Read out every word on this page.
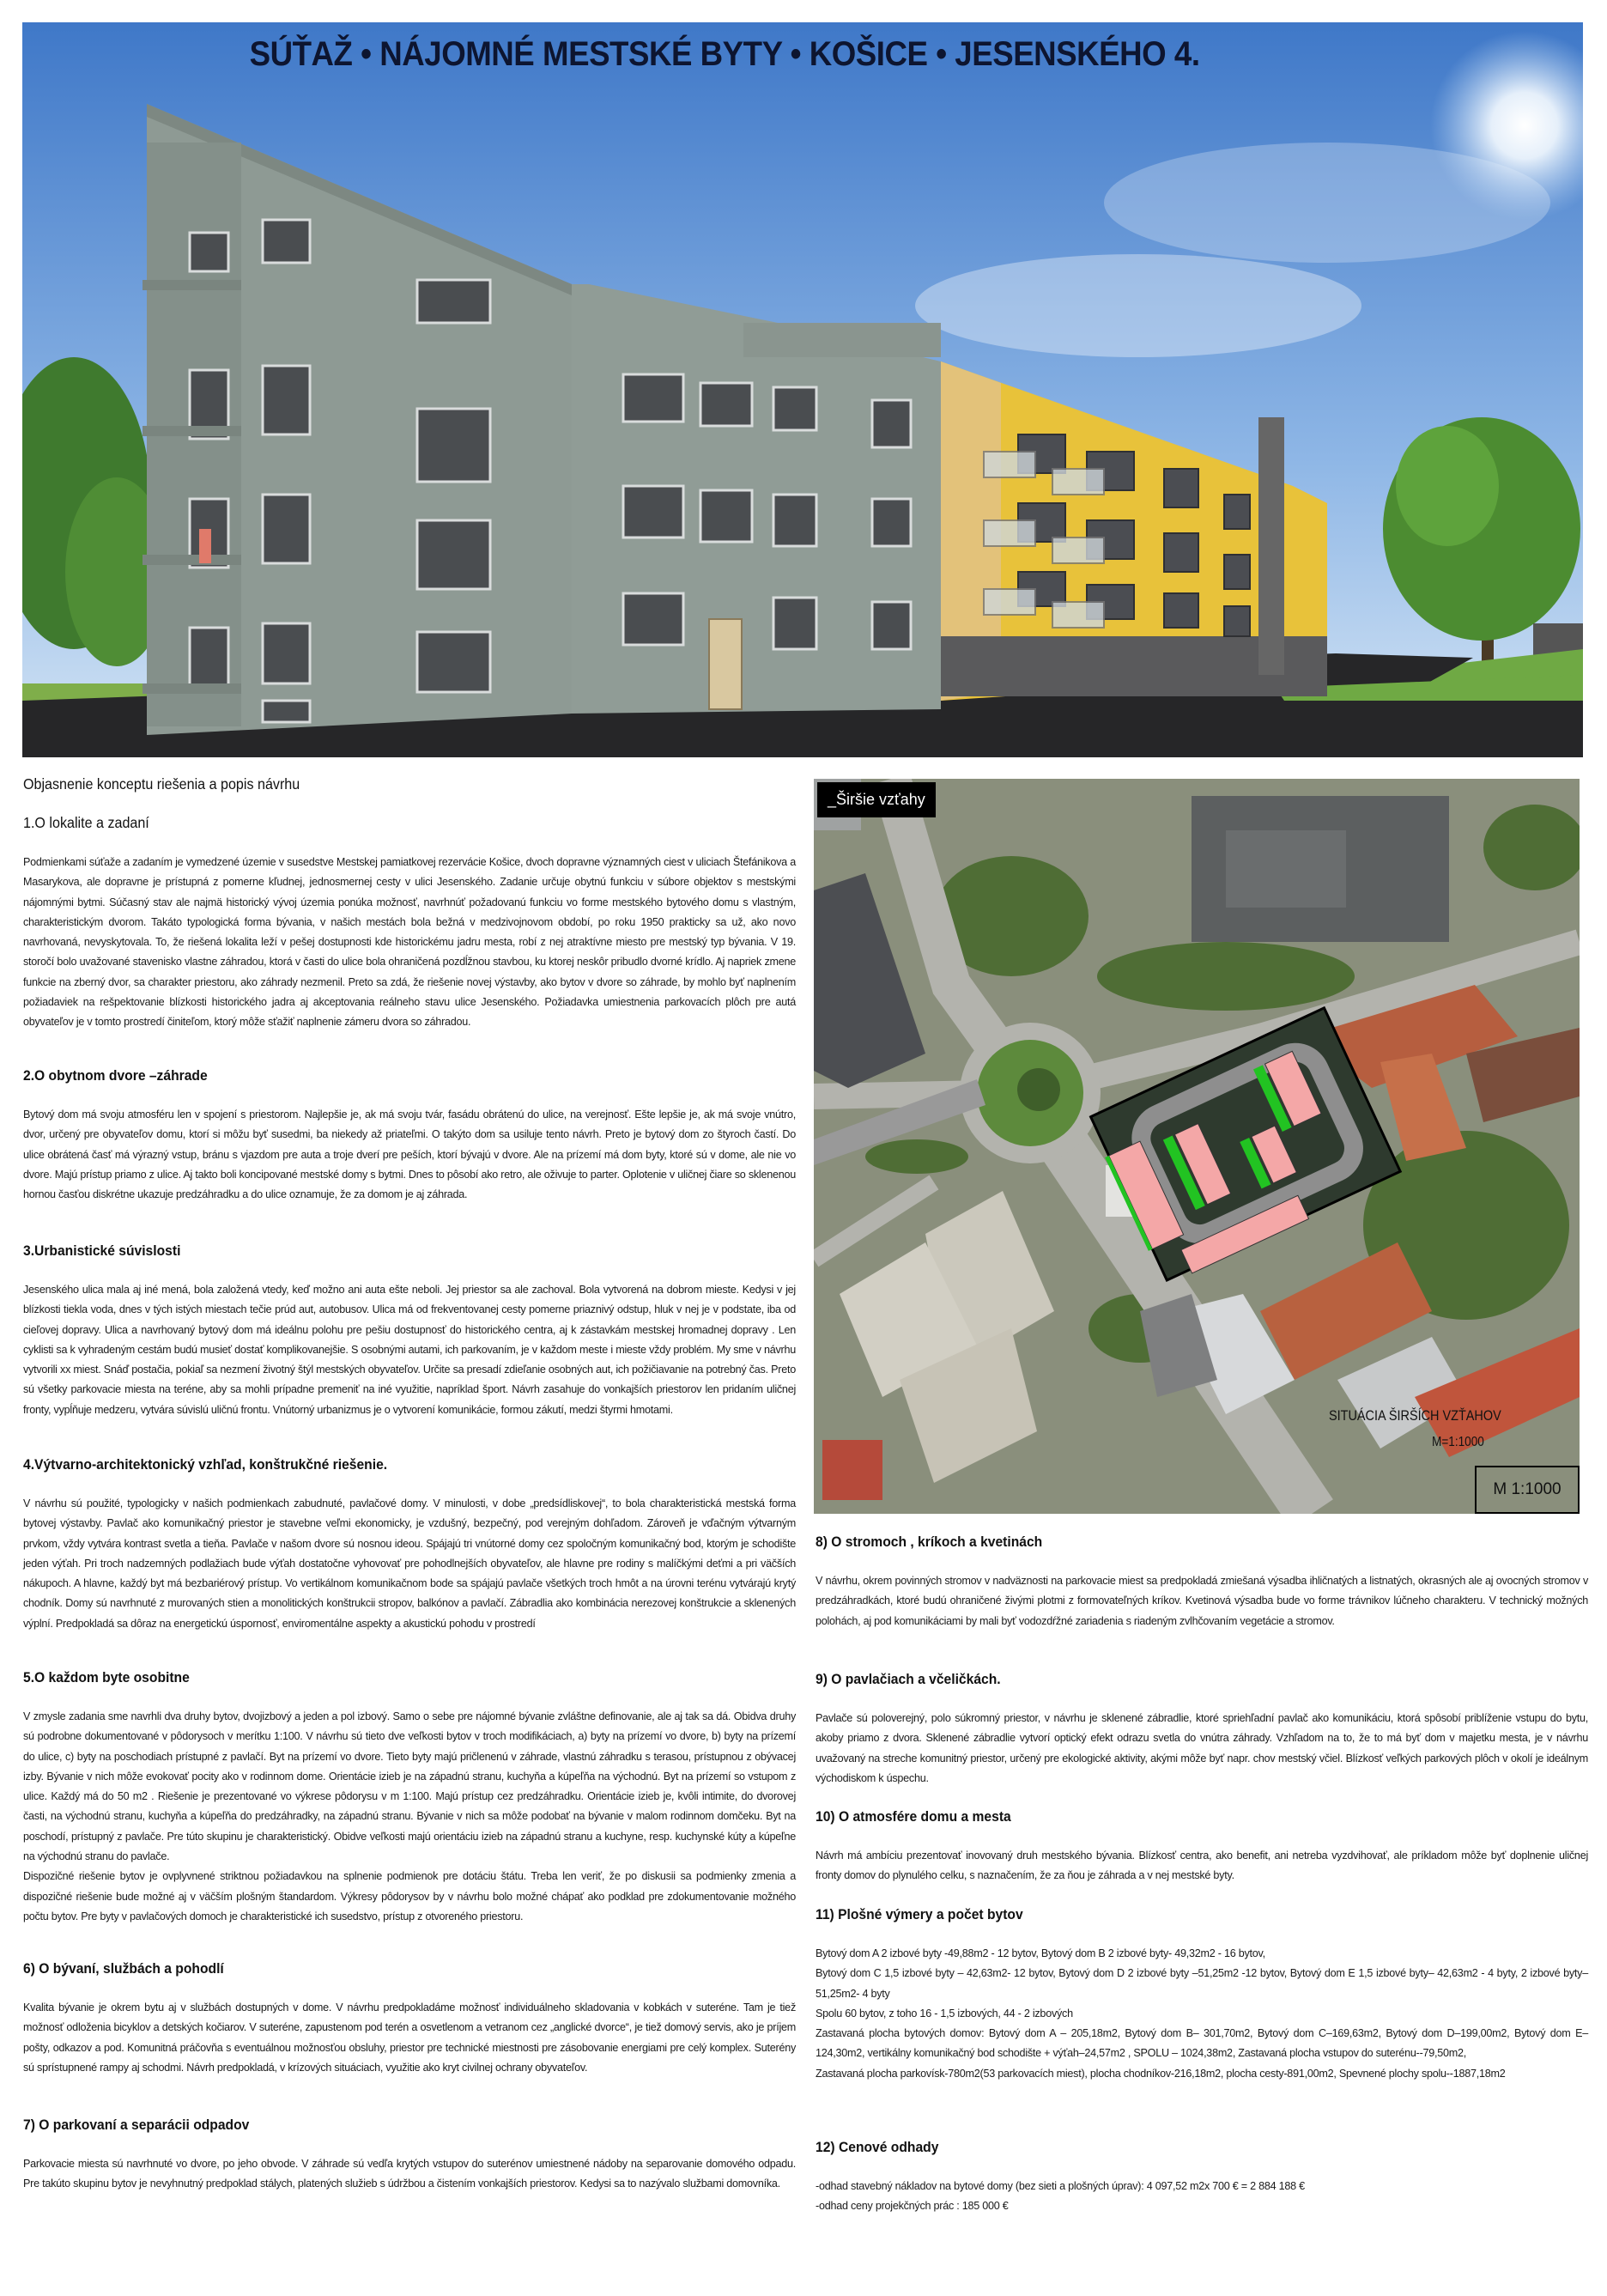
SÚŤAŽ • NÁJOMNÉ MESTSKÉ BYTY • KOŠICE • JESENSKÉHO 4.
_Širšie vzťahy
SITUÁCIA ŠIRŠÍCH VZŤAHOV
M=1:1000
M 1:1000
Objasnenie konceptu riešenia a popis návrhu
1.O lokalite a zadaní

Podmienkami súťaže a zadaním je vymedzené územie v susedstve Mestskej pamiatkovej rezervácie Košice, dvoch dopravne významných ciest v uliciach Štefánikova a Masarykova, ale dopravne je prístupná z pomerne kľudnej, jednosmernej cesty v ulici Jesenského. Zadanie určuje obytnú funkciu v súbore objektov s mestskými nájomnými bytmi. Súčasný stav ale najmä historický vývoj územia ponúka možnosť, navrhnúť požadovanú funkciu vo forme mestského bytového domu s vlastným, charakteristickým dvorom. Takáto typologická forma bývania, v našich mestách bola bežná v medzivojnovom období, po roku 1950 prakticky sa už, ako novo navrhovaná, nevyskytovala. To, že riešená lokalita leží v pešej dostupnosti kde historickému jadru mesta, robí z nej atraktívne miesto pre mestský typ bývania. V 19. storočí bolo uvažované stavenisko vlastne záhradou, ktorá v časti do ulice bola ohraničená pozdĺžnou stavbou, ku ktorej neskôr pribudlo dvorné krídlo. Aj napriek zmene funkcie na zberný dvor, sa charakter priestoru, ako záhrady nezmenil. Preto sa zdá, že riešenie novej výstavby, ako bytov v dvore so záhrade, by mohlo byť naplnením požiadaviek na rešpektovanie blízkosti historického jadra aj akceptovania reálneho stavu ulice Jesenského. Požiadavka umiestnenia parkovacích plôch pre autá obyvateľov je v tomto prostredí činiteľom, ktorý môže sťažiť naplnenie zámeru dvora so záhradou.

2.O obytnom dvore –záhrade

Bytový dom má svoju atmosféru len v spojení s priestorom. Najlepšie je, ak má svoju tvár, fasádu obrátenú do ulice, na verejnosť. Ešte lepšie je, ak má svoje vnútro, dvor, určený pre obyvateľov domu, ktorí si môžu byť susedmi, ba niekedy až priateľmi. O takýto dom sa usiluje tento návrh. Preto je bytový dom zo štyroch častí. Do ulice obrátená časť má výrazný vstup, bránu s vjazdom pre auta a troje dverí pre peších, ktorí bývajú v dvore. Ale na prízemí má dom byty, ktoré sú v dome, ale nie vo dvore. Majú prístup priamo z ulice. Aj takto boli koncipované mestské domy s bytmi. Dnes to pôsobí ako retro, ale oživuje to parter. Oplotenie v uličnej čiare so sklenenou hornou časťou diskrétne ukazuje predzáhradku a do ulice oznamuje, že za domom je aj záhrada.

3.Urbanistické súvislosti

Jesenského ulica mala aj iné mená, bola založená vtedy, keď možno ani auta ešte neboli. Jej priestor sa ale zachoval. Bola vytvorená na dobrom mieste. Kedysi v jej blízkosti tiekla voda, dnes v tých istých miestach tečie prúd aut, autobusov. Ulica má od frekventovanej cesty pomerne priaznivý odstup, hluk v nej je v podstate, iba od cieľovej dopravy. Ulica a navrhovaný bytový dom má ideálnu polohu pre pešiu dostupnosť do historického centra, aj k zástavkám mestskej hromadnej dopravy . Len cyklisti sa k vyhradeným cestám budú musieť dostať komplikovanejšie. S osobnými autami, ich parkovaním, je v každom meste i mieste vždy problém. My sme v návrhu vytvorili xx miest. Snáď postačia, pokiaľ sa nezmení životný štýl mestských obyvateľov. Určite sa presadí zdieľanie osobných aut, ich požičiavanie na potrebný čas. Preto sú všetky parkovacie miesta na teréne, aby sa mohli prípadne premeniť na iné využitie, napríklad šport. Návrh zasahuje do vonkajších priestorov len pridaním uličnej fronty, vypĺňuje medzeru, vytvára súvislú uličnú frontu. Vnútorný urbanizmus je o vytvorení komunikácie, formou zákutí, medzi štyrmi hmotami.

4.Výtvarno-architektonický vzhľad, konštrukčné riešenie.

V návrhu sú použité, typologicky v našich podmienkach zabudnuté, pavlačové domy. V minulosti, v dobe „predsídliskovej“, to bola charakteristická mestská forma bytovej výstavby. Pavlač ako komunikačný priestor je stavebne veľmi ekonomicky, je vzdušný, bezpečný, pod verejným dohľadom. Zároveň je vďačným výtvarným prvkom, vždy vytvára kontrast svetla a tieňa. Pavlače v našom dvore sú nosnou ideou. Spájajú tri vnútorné domy cez spoločným komunikačný bod, ktorým je schodište jeden výťah. Pri troch nadzemných podlažiach bude výťah dostatočne vyhovovať pre pohodlnejších obyvateľov, ale hlavne pre rodiny s malíčkými deťmi a pri väčších nákupoch. A hlavne, každý byt má bezbariérový prístup. Vo vertikálnom komunikačnom bode sa spájajú pavlače všetkých troch hmôt a na úrovni terénu vytvárajú krytý chodník. Domy sú navrhnuté z murovaných stien a monolitických konštrukcii stropov, balkónov a pavlačí. Zábradlia ako kombinácia nerezovej konštrukcie a sklenených výplní. Predpokladá sa dôraz na energetickú úspornosť, enviromentálne aspekty a akustickú pohodu v prostredí

5.O každom byte osobitne

V zmysle zadania sme navrhli dva druhy bytov, dvojizbový a jeden a pol izbový. Samo o sebe pre nájomné bývanie zvláštne definovanie, ale aj tak sa dá. Obidva druhy sú podrobne dokumentované v pôdorysoch v merítku 1:100. V návrhu sú tieto dve veľkosti bytov v troch modifikáciach, a) byty na prízemí vo dvore, b) byty na prízemí do ulice, c) byty na poschodiach prístupné z pavlačí. Byt na prízemí vo dvore. Tieto byty majú pričlenenú v záhrade, vlastnú záhradku s terasou, prístupnou z obývacej izby. Bývanie v nich môže evokovať pocity ako v rodinnom dome. Orientácie izieb je na západnú stranu, kuchyňa a kúpeľňa na východnú. Byt na prízemí so vstupom z ulice. Každý má do 50 m2 . Riešenie je prezentované vo výkrese pôdorysu v m 1:100. Majú prístup cez predzáhradku. Orientácie izieb je, kvôli intimite, do dvorovej časti, na východnú stranu, kuchyňa a kúpeľňa do predzáhradky, na západnú stranu. Bývanie v nich sa môže podobať na bývanie v malom rodinnom domčeku. Byt na poschodí, prístupný z pavlače. Pre túto skupinu je charakteristický. Obidve veľkosti majú orientáciu izieb na západnú stranu a kuchyne, resp. kuchynské kúty a kúpeľne na východnú stranu do pavlače.

Dispozičné riešenie bytov je ovplyvnené striktnou požiadavkou na splnenie podmienok pre dotáciu štátu. Treba len veriť, že po diskusii sa podmienky zmenia a dispozičné riešenie bude možné aj v väčším plošným štandardom. Výkresy pôdorysov by v návrhu bolo možné chápať ako podklad pre zdokumentovanie možného počtu bytov. Pre byty v pavlačových domoch je charakteristické ich susedstvo, prístup z otvoreného priestoru.

6) O bývaní, službách a pohodlí

Kvalita bývanie je okrem bytu aj v službách dostupných v dome. V návrhu predpokladáme možnosť individuálneho skladovania v kobkách v suteréne. Tam je tiež možnosť odloženia bicyklov a detských kočiarov. V suteréne, zapustenom pod terén a osvetlenom a vetranom cez „anglické dvorce“, je tiež domový servis, ako je príjem pošty, odkazov a pod. Komunitná práčovňa s eventuálnou možnosťou obsluhy, priestor pre technické miestnosti pre zásobovanie energiami pre celý komplex. Suterény sú sprístupnené rampy aj schodmi. Návrh predpokladá, v krízových situáciach, využitie ako kryt civilnej ochrany obyvateľov.

7) O parkovaní a separácii odpadov

Parkovacie miesta sú navrhnuté vo dvore, po jeho obvode. V záhrade sú vedľa krytých vstupov do suterénov umiestnené nádoby na separovanie domového odpadu. Pre takúto skupinu bytov je nevyhnutný predpoklad stálych, platených služieb s údržbou a čistením vonkajších priestorov. Kedysi sa to nazývalo službami domovníka.

8) O stromoch , kríkoch a kvetinách

V návrhu, okrem povinných stromov v nadväznosti na parkovacie miest sa predpokladá zmiešaná výsadba ihličnatých a listnatých, okrasných ale aj ovocných stromov v predzáhradkách, ktoré budú ohraničené živými plotmi z formovateľných kríkov. Kvetinová výsadba bude vo forme trávnikov lúčneho charakteru. V technický možných polohách, aj pod komunikáciami by mali byť vodozdŕžné zariadenia s riadeným zvlhčovaním vegetácie a stromov.

9) O pavlačiach a včeličkách.

Pavlače sú poloverejný, polo súkromný priestor, v návrhu je sklenené zábradlie, ktoré spriehľadní pavlač ako komunikáciu, ktorá spôsobí priblíženie vstupu do bytu, akoby priamo z dvora. Sklenené zábradlie vytvorí optický efekt odrazu svetla do vnútra záhrady. Vzhľadom na to, že to má byť dom v majetku mesta, je v návrhu uvažovaný na streche komunitný priestor, určený pre ekologické aktivity, akými môže byť napr. chov mestský včiel. Blízkosť veľkých parkových plôch v okolí je ideálnym východiskom k úspechu.

10) O atmosfére domu a mesta

Návrh má ambíciu prezentovať inovovaný druh mestského bývania. Blízkosť centra, ako benefit, ani netreba vyzdvihovať, ale príkladom môže byť doplnenie uličnej fronty domov do plynulého celku, s naznačením, že za ňou je záhrada a v nej mestské byty.

11) Plošné výmery a počet bytov

Bytový dom A 2 izbové byty -49,88m2 - 12 bytov, Bytový dom B 2 izbové byty- 49,32m2 - 16 bytov,
Bytový dom C 1,5 izbové byty – 42,63m2- 12 bytov, Bytový dom D 2 izbové byty –51,25m2 -12 bytov, Bytový dom E 1,5 izbové byty– 42,63m2 - 4 byty, 2 izbové byty–51,25m2- 4 byty
Spolu 60 bytov, z toho 16 - 1,5 izbových, 44 - 2 izbových
Zastavaná plocha bytových domov: Bytový dom A – 205,18m2, Bytový dom B– 301,70m2, Bytový dom C–169,63m2, Bytový dom D–199,00m2, Bytový dom E–124,30m2, vertikálny komunikačný bod schodište + výťah–24,57m2 , SPOLU – 1024,38m2, Zastavaná plocha vstupov do suterénu--79,50m2,
Zastavaná plocha parkovísk-780m2(53 parkovacích miest), plocha chodníkov-216,18m2, plocha cesty-891,00m2, Spevnené plochy spolu--1887,18m2

12) Cenové odhady

-odhad stavebný nákladov na bytové domy (bez sieti a plošných úprav): 4 097,52 m2x 700 € = 2 884 188 €
-odhad ceny projekčných prác : 185 000 €
